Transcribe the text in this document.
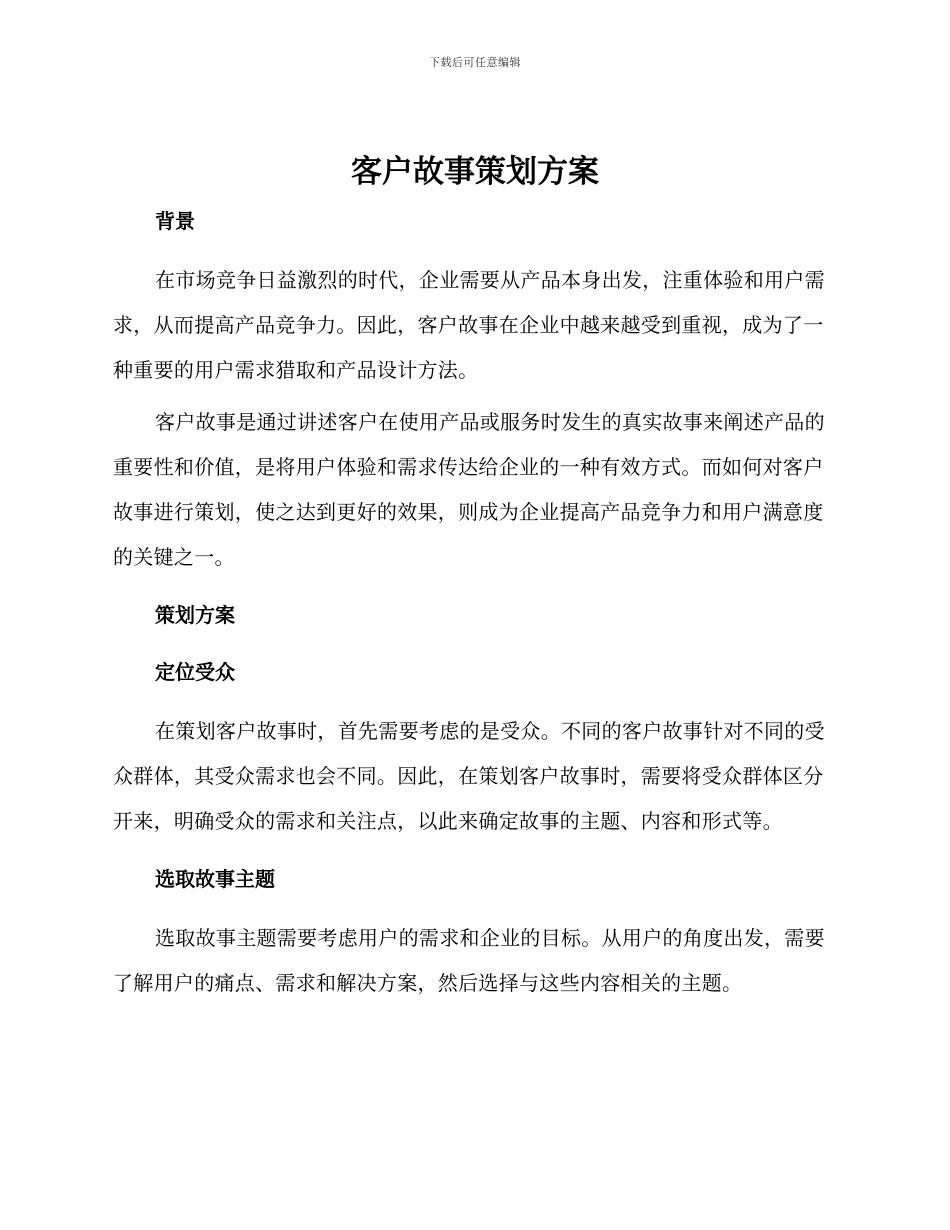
下载后可任意编辑
客户故事策划方案

背景

在市场竞争日益激烈的时代，企业需要从产品本身出发，注重体验和用户需求，从而提高产品竞争力。因此，客户故事在企业中越来越受到重视，成为了一种重要的用户需求猎取和产品设计方法。

客户故事是通过讲述客户在使用产品或服务时发生的真实故事来阐述产品的重要性和价值，是将用户体验和需求传达给企业的一种有效方式。而如何对客户故事进行策划，使之达到更好的效果，则成为企业提高产品竞争力和用户满意度的关键之一。

策划方案

定位受众

在策划客户故事时，首先需要考虑的是受众。不同的客户故事针对不同的受众群体，其受众需求也会不同。因此，在策划客户故事时，需要将受众群体区分开来，明确受众的需求和关注点，以此来确定故事的主题、内容和形式等。

选取故事主题

选取故事主题需要考虑用户的需求和企业的目标。从用户的角度出发，需要了解用户的痛点、需求和解决方案，然后选择与这些内容相关的主题。
